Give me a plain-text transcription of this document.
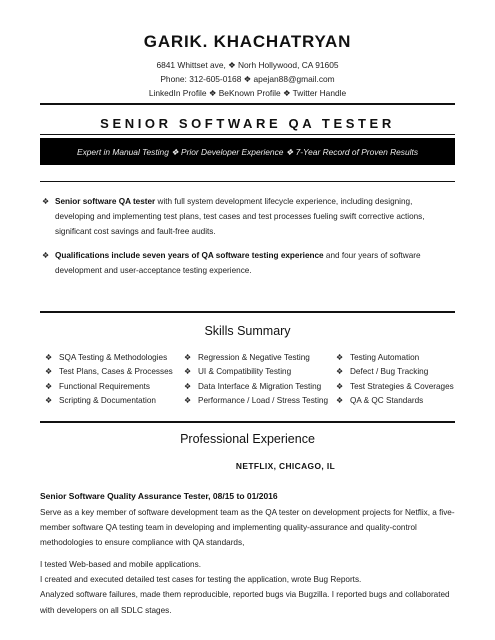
GARIK. KHACHATRYAN
6841 Whittset ave, ❖ Norh Hollywood, CA 91605
Phone: 312-605-0168 ❖ apejan88@gmail.com
LinkedIn Profile ❖ BeKnown Profile ❖ Twitter Handle
SENIOR SOFTWARE QA TESTER
Expert in Manual Testing ❖ Prior Developer Experience ❖ 7-Year Record of Proven Results
❖ Senior software QA tester with full system development lifecycle experience, including designing,
developing and implementing test plans, test cases and test processes fueling swift corrective actions,
significant cost savings and fault-free audits.
❖ Qualifications include seven years of QA software testing experience and four years of software
development and user-acceptance testing experience.
Skills Summary
❖ SQA Testing & Methodologies
❖ Test Plans, Cases & Processes
❖ Functional Requirements
❖ Scripting & Documentation
❖ Regression & Negative Testing
❖ UI & Compatibility Testing
❖ Data Interface & Migration Testing
❖ Performance / Load / Stress Testing
❖ Testing Automation
❖ Defect / Bug Tracking
❖ Test Strategies & Coverages
❖ QA & QC Standards
Professional Experience
NETFLIX, CHICAGO, IL
Senior Software Quality Assurance Tester, 08/15 to 01/2016
Serve as a key member of software development team as the QA tester on development projects for Netflix, a five-
member software QA testing team in developing and implementing quality-assurance and quality-control
methodologies to ensure compliance with QA standards,
I tested Web-based and mobile applications.
I created and executed detailed test cases for testing the application, wrote Bug Reports.
Analyzed software failures, made them reproducible, reported bugs via Bugzilla. I reported bugs and collaborated
with developers on all SDLC stages.
